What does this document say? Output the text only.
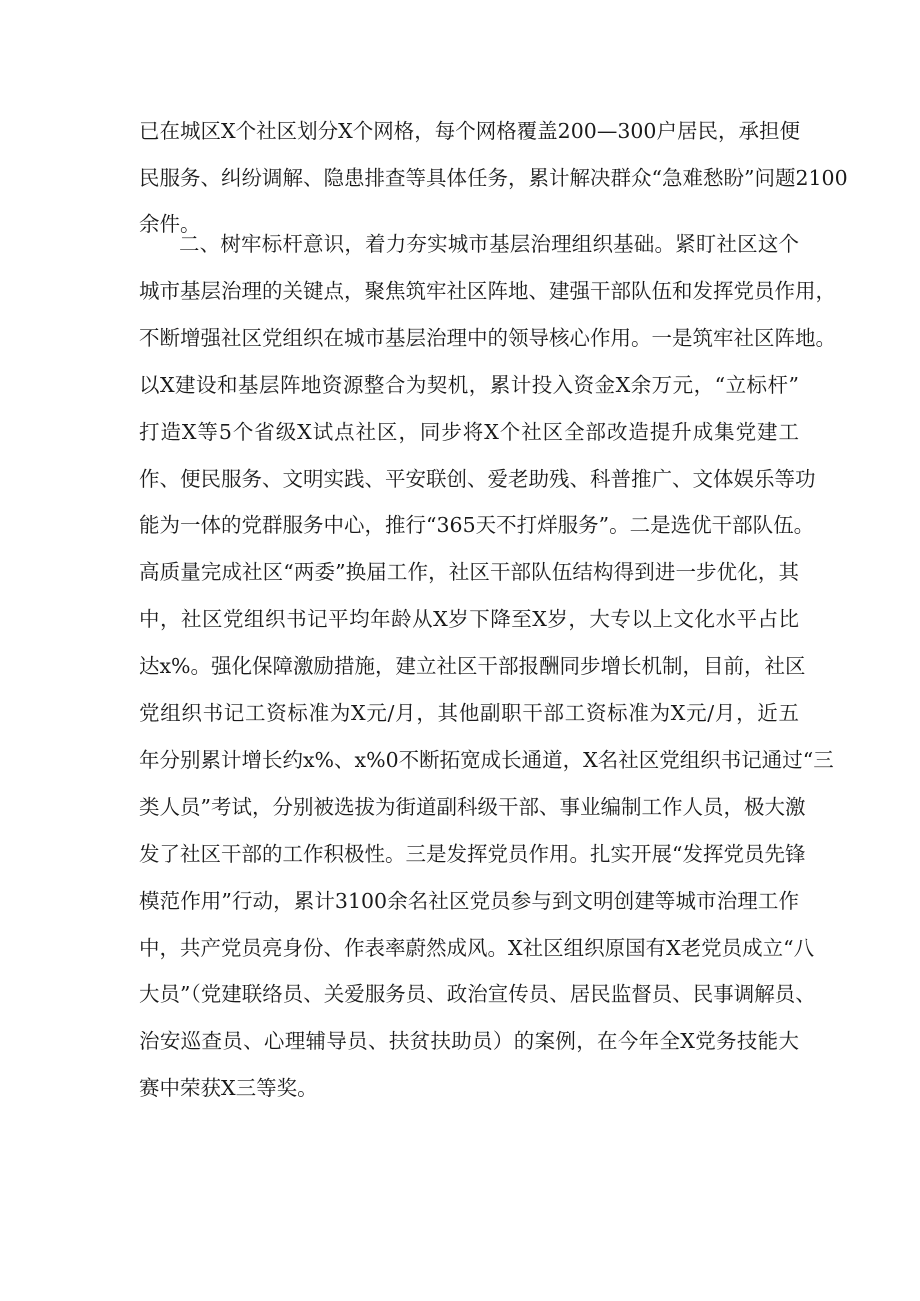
已在城区X个社区划分X个网格，每个网格覆盖200—300户居民，承担便
民服务、纠纷调解、隐患排查等具体任务，累计解决群众“急难愁盼”问题2100
余件。
二、树牢标杆意识，着力夯实城市基层治理组织基础。紧盯社区这个
城市基层治理的关键点，聚焦筑牢社区阵地、建强干部队伍和发挥党员作用，
不断增强社区党组织在城市基层治理中的领导核心作用。一是筑牢社区阵地。
以X建设和基层阵地资源整合为契机，累计投入资金X余万元，“立标杆”
打造X等5个省级X试点社区，同步将X个社区全部改造提升成集党建工
作、便民服务、文明实践、平安联创、爱老助残、科普推广、文体娱乐等功
能为一体的党群服务中心，推行“365天不打烊服务”。二是选优干部队伍。
高质量完成社区“两委”换届工作，社区干部队伍结构得到进一步优化，其
中，社区党组织书记平均年龄从X岁下降至X岁，大专以上文化水平占比
达x%。强化保障激励措施，建立社区干部报酬同步增长机制，目前，社区
党组织书记工资标准为X元/月，其他副职干部工资标准为X元/月，近五
年分别累计增长约x%、x%0不断拓宽成长通道，X名社区党组织书记通过“三
类人员”考试，分别被选拔为街道副科级干部、事业编制工作人员，极大激
发了社区干部的工作积极性。三是发挥党员作用。扎实开展“发挥党员先锋
模范作用”行动，累计3100余名社区党员参与到文明创建等城市治理工作
中，共产党员亮身份、作表率蔚然成风。X社区组织原国有X老党员成立“八
大员”（党建联络员、关爱服务员、政治宣传员、居民监督员、民事调解员、
治安巡查员、心理辅导员、扶贫扶助员）的案例，在今年全X党务技能大
赛中荣获X三等奖。
